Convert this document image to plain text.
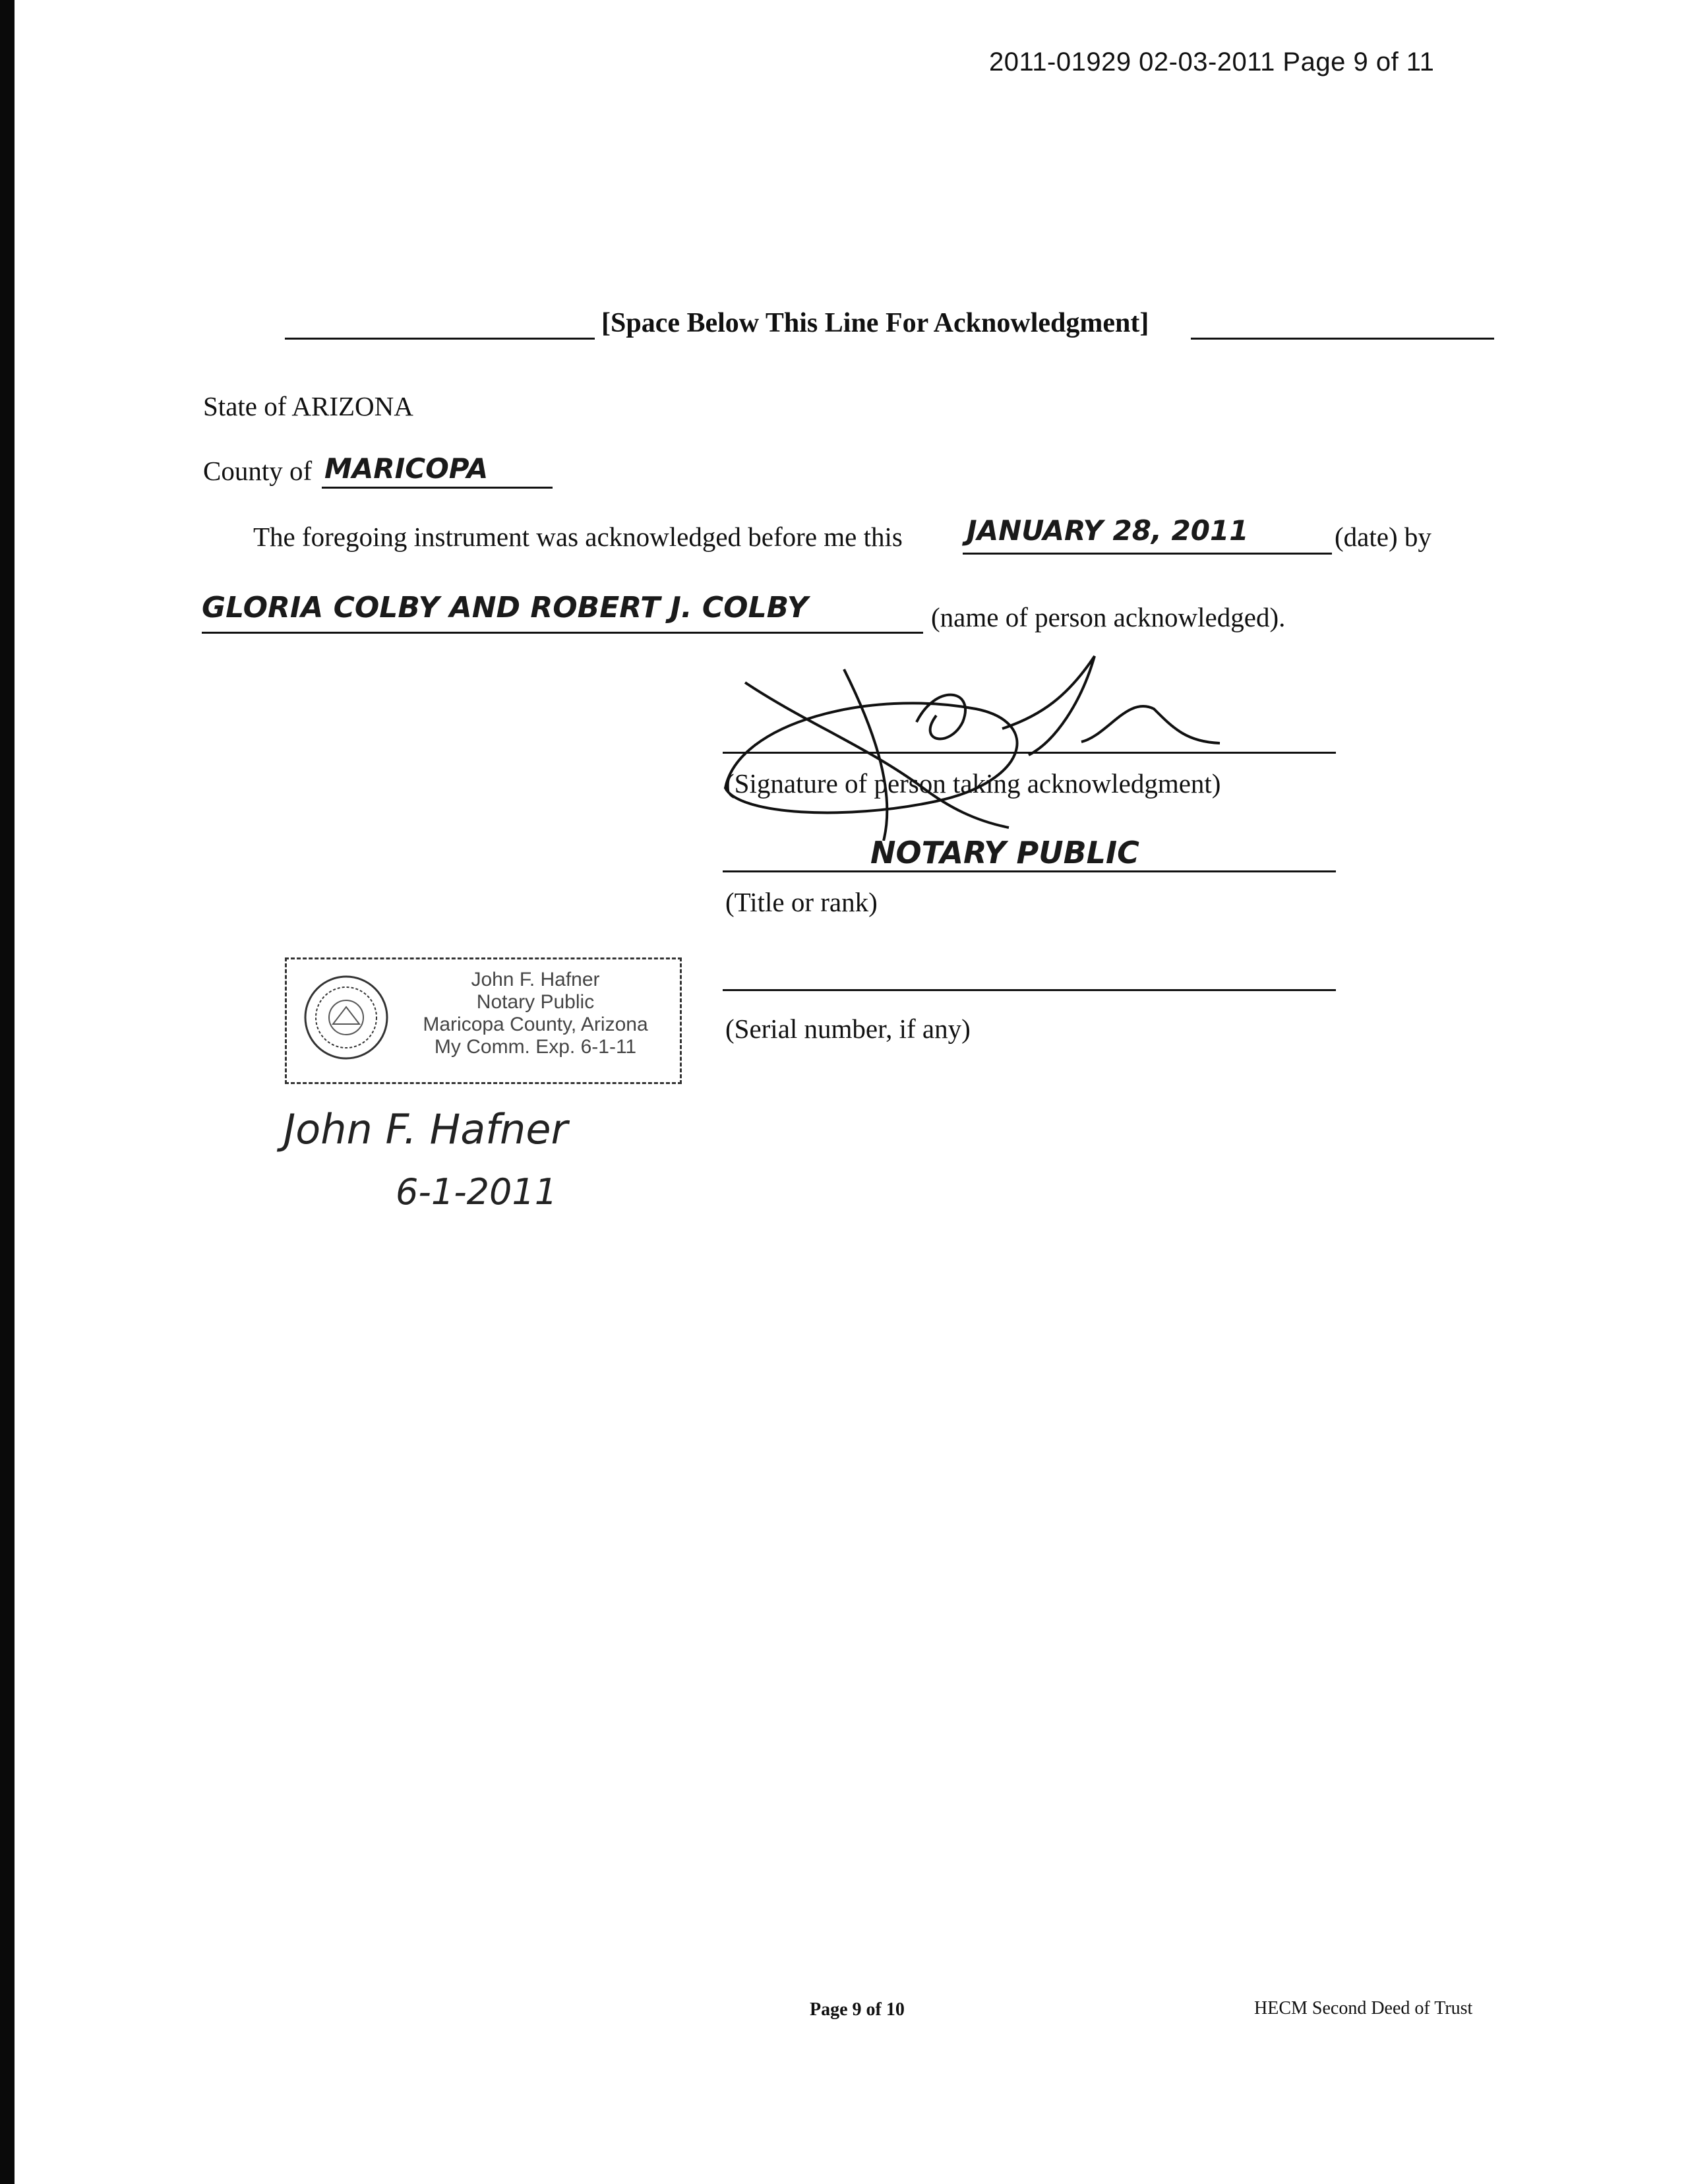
2011-01929 02-03-2011 Page 9 of 11
[Space Below This Line For Acknowledgment]
State of ARIZONA
County of MARICOPA
The foregoing instrument was acknowledged before me this JANUARY 28, 2011	(date) by
GLORIA COLBY AND ROBERT J. COLBY	(name of person acknowledged).
(Signature of person taking acknowledgment)
NOTARY PUBLIC
(Title or rank)
(Serial number, if any)
John F. Hafner
Notary Public
Maricopa County, Arizona
My Comm. Exp. 6-1-11
John F. Hafner
6-1-2011
Page 9 of 10	HECM Second Deed of Trust
